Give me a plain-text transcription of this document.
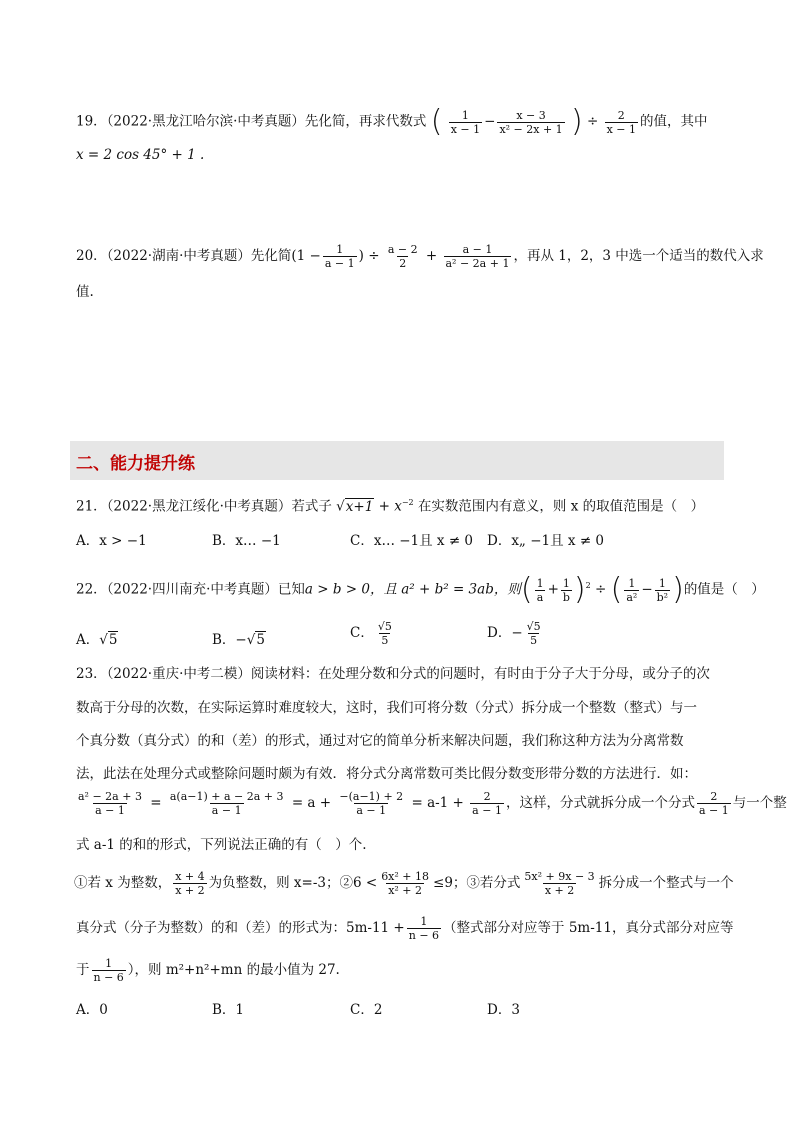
19．（2022·黑龙江哈尔滨·中考真题）先化简，再求代数式 ( $\frac{1}{x - 1} - \frac{x - 3}{\text{x² − 2x + 1}}$ ) ÷ $\frac{2}{x - 1}$ 的值，其中
x = 2 cos 45° + 1 .
20．（2022·湖南·中考真题）先化简($1 - \frac{1}{a - 1}$ ) ÷ $\frac{a - 2}{2} + \frac{a - 1}{\text{a² − 2a + 1}}$ ，再从 1，2，3 中选一个适当的数代入求
值.
二、能力提升练
21．（2022·黑龙江绥化·中考真题）若式子 $√x+1 + x^{-2}$ 在实数范围内有意义，则 x 的取值范围是（　）
A．x > −1	B．x… −1	C．x… −1且 x ≠ 0 D．x„ −1且 x ≠ 0
22．（2022·四川南充·中考真题）已知a > b > 0，且 a² + b² = 3ab，则( $\frac{1}{a} + \frac{1}{b} )^2$ ÷ ( $\frac{1}{\text{a²}} - \frac{1}{\text{b²}}$ )的值是（　）
A．√5	B．−√5	C． $\frac{√5}{5}$	D．− $\frac{√5}{5}$
23．（2022·重庆·中考二模）阅读材料：在处理分数和分式的问题时，有时由于分子大于分母，或分子的次
数高于分母的次数，在实际运算时难度较大，这时，我们可将分数（分式）拆分成一个整数（整式）与一
个真分数（真分式）的和（差）的形式，通过对它的简单分析来解决问题，我们称这种方法为分离常数
法，此法在处理分式或整除问题时颇为有效．将分式分离常数可类比假分数变形带分数的方法进行．如：
$\frac{\text{a² − 2a + 3}}{a - 1} = \frac{a(a-1) + a - 2a + 3}{a - 1} = a + \frac{-(a-1) + 2}{a - 1} = a-1 + \frac{2}{a - 1}$ ，这样，分式就拆分成一个分式 $\frac{2}{a - 1}$ 与一个整
式 a-1 的和的形式，下列说法正确的有（　）个.
①若 x 为整数， $\frac{x + 4}{x + 2}$ 为负整数，则 x=-3；②6 < $\frac{\text{6x² + 18}}{\text{x² + 2}} \le 9$；③若分式 $\frac{\text{5x² + 9x − 3}}{x + 2}$ 拆分成一个整式与一个
真分式（分子为整数）的和（差）的形式为：$5m-11 + \frac{1}{n - 6}$ （整式部分对应等于 5m-11，真分式部分对应等
于 $\frac{1}{n - 6}$ ），则 m²+n²+mn 的最小值为 27.
A．0	B．1	C．2	D．3
